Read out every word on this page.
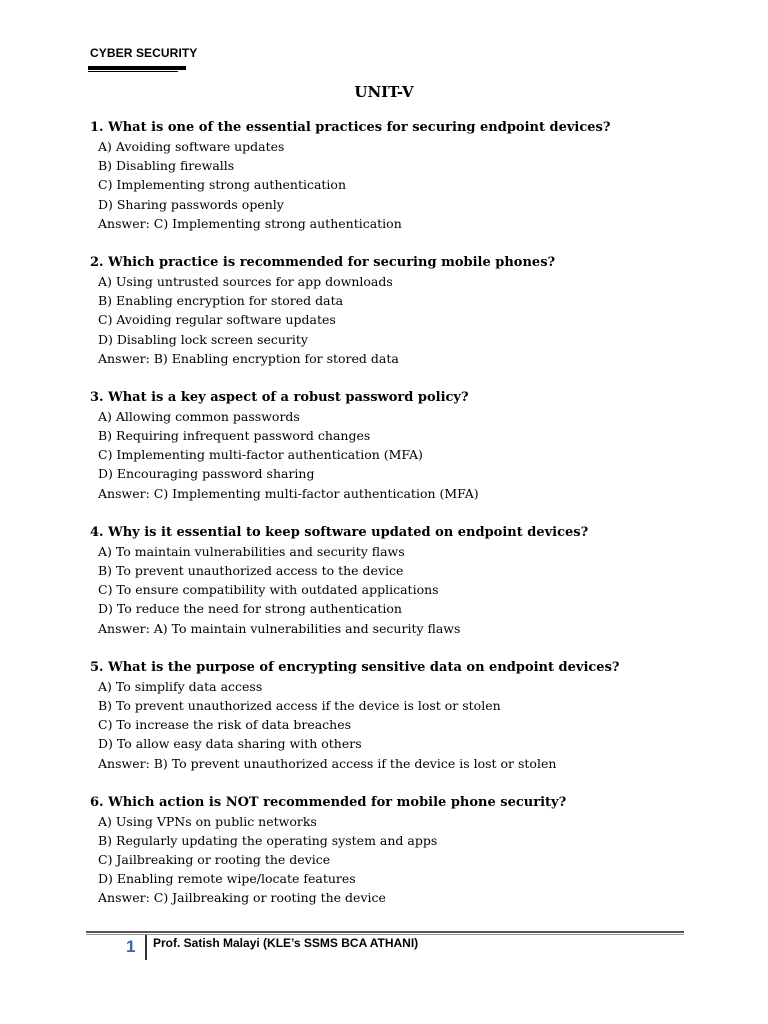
CYBER SECURITY
UNIT-V
1. What is one of the essential practices for securing endpoint devices?
A) Avoiding software updates
B) Disabling firewalls
C) Implementing strong authentication
D) Sharing passwords openly
Answer: C) Implementing strong authentication
2. Which practice is recommended for securing mobile phones?
A) Using untrusted sources for app downloads
B) Enabling encryption for stored data
C) Avoiding regular software updates
D) Disabling lock screen security
Answer: B) Enabling encryption for stored data
3. What is a key aspect of a robust password policy?
A) Allowing common passwords
B) Requiring infrequent password changes
C) Implementing multi-factor authentication (MFA)
D) Encouraging password sharing
Answer: C) Implementing multi-factor authentication (MFA)
4. Why is it essential to keep software updated on endpoint devices?
A) To maintain vulnerabilities and security flaws
B) To prevent unauthorized access to the device
C) To ensure compatibility with outdated applications
D) To reduce the need for strong authentication
Answer: A) To maintain vulnerabilities and security flaws
5. What is the purpose of encrypting sensitive data on endpoint devices?
A) To simplify data access
B) To prevent unauthorized access if the device is lost or stolen
C) To increase the risk of data breaches
D) To allow easy data sharing with others
Answer: B) To prevent unauthorized access if the device is lost or stolen
6. Which action is NOT recommended for mobile phone security?
A) Using VPNs on public networks
B) Regularly updating the operating system and apps
C) Jailbreaking or rooting the device
D) Enabling remote wipe/locate features
Answer: C) Jailbreaking or rooting the device
1 Prof. Satish Malayi (KLE’s SSMS BCA ATHANI)
